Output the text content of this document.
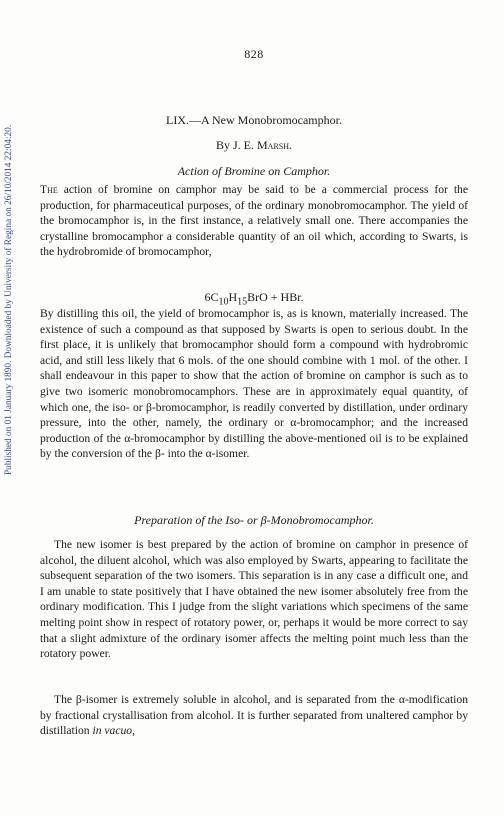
Published on 01 January 1890. Downloaded by University of Regina on 26/10/2014 22:04:20.
828
LIX.—A New Monobromocamphor.
By J. E. Marsh.
Action of Bromine on Camphor.

The action of bromine on camphor may be said to be a commercial process for the production, for pharmaceutical purposes, of the ordinary monobromocamphor. The yield of the bromocamphor is, in the first instance, a relatively small one. There accompanies the crystalline bromocamphor a considerable quantity of an oil which, according to Swarts, is the hydrobromide of bromocamphor,

$6C_{10}H_{15}BrO$ + HBr.

By distilling this oil, the yield of bromocamphor is, as is known, materially increased. The existence of such a compound as that supposed by Swarts is open to serious doubt. In the first place, it is unlikely that bromocamphor should form a compound with hydrobromic acid, and still less likely that 6 mols. of the one should combine with 1 mol. of the other. I shall endeavour in this paper to show that the action of bromine on camphor is such as to give two isomeric monobromocamphors. These are in approximately equal quantity, of which one, the iso- or β-bromocamphor, is readily converted by distillation, under ordinary pressure, into the other, namely, the ordinary or α-bromocamphor; and the increased production of the α-bromocamphor by distilling the above-mentioned oil is to be explained by the conversion of the β- into the α-isomer.

Preparation of the Iso- or β-Monobromocamphor.

The new isomer is best prepared by the action of bromine on camphor in presence of alcohol, the diluent alcohol, which was also employed by Swarts, appearing to facilitate the subsequent separation of the two isomers. This separation is in any case a difficult one, and I am unable to state positively that I have obtained the new isomer absolutely free from the ordinary modification. This I judge from the slight variations which specimens of the same melting point show in respect of rotatory power, or, perhaps it would be more correct to say that a slight admixture of the ordinary isomer affects the melting point much less than the rotatory power.

The β-isomer is extremely soluble in alcohol, and is separated from the α-modification by fractional crystallisation from alcohol. It is further separated from unaltered camphor by distillation in vacuo,
